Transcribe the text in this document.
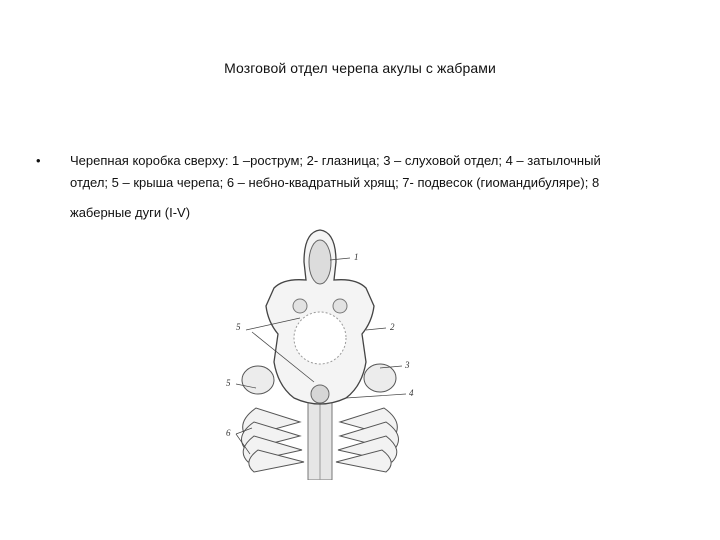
Мозговой отдел черепа акулы с жабрами
•	Черепная коробка сверху: 1 –рострум; 2- глазница; 3 – слуховой отдел; 4 – затылочный
отдел; 5 – крыша черепа; 6 – небно-квадратный хрящ; 7- подвесок (гиомандибуляре); 8
жаберные дуги (I-V)
1
5	2
3
4
5
6
